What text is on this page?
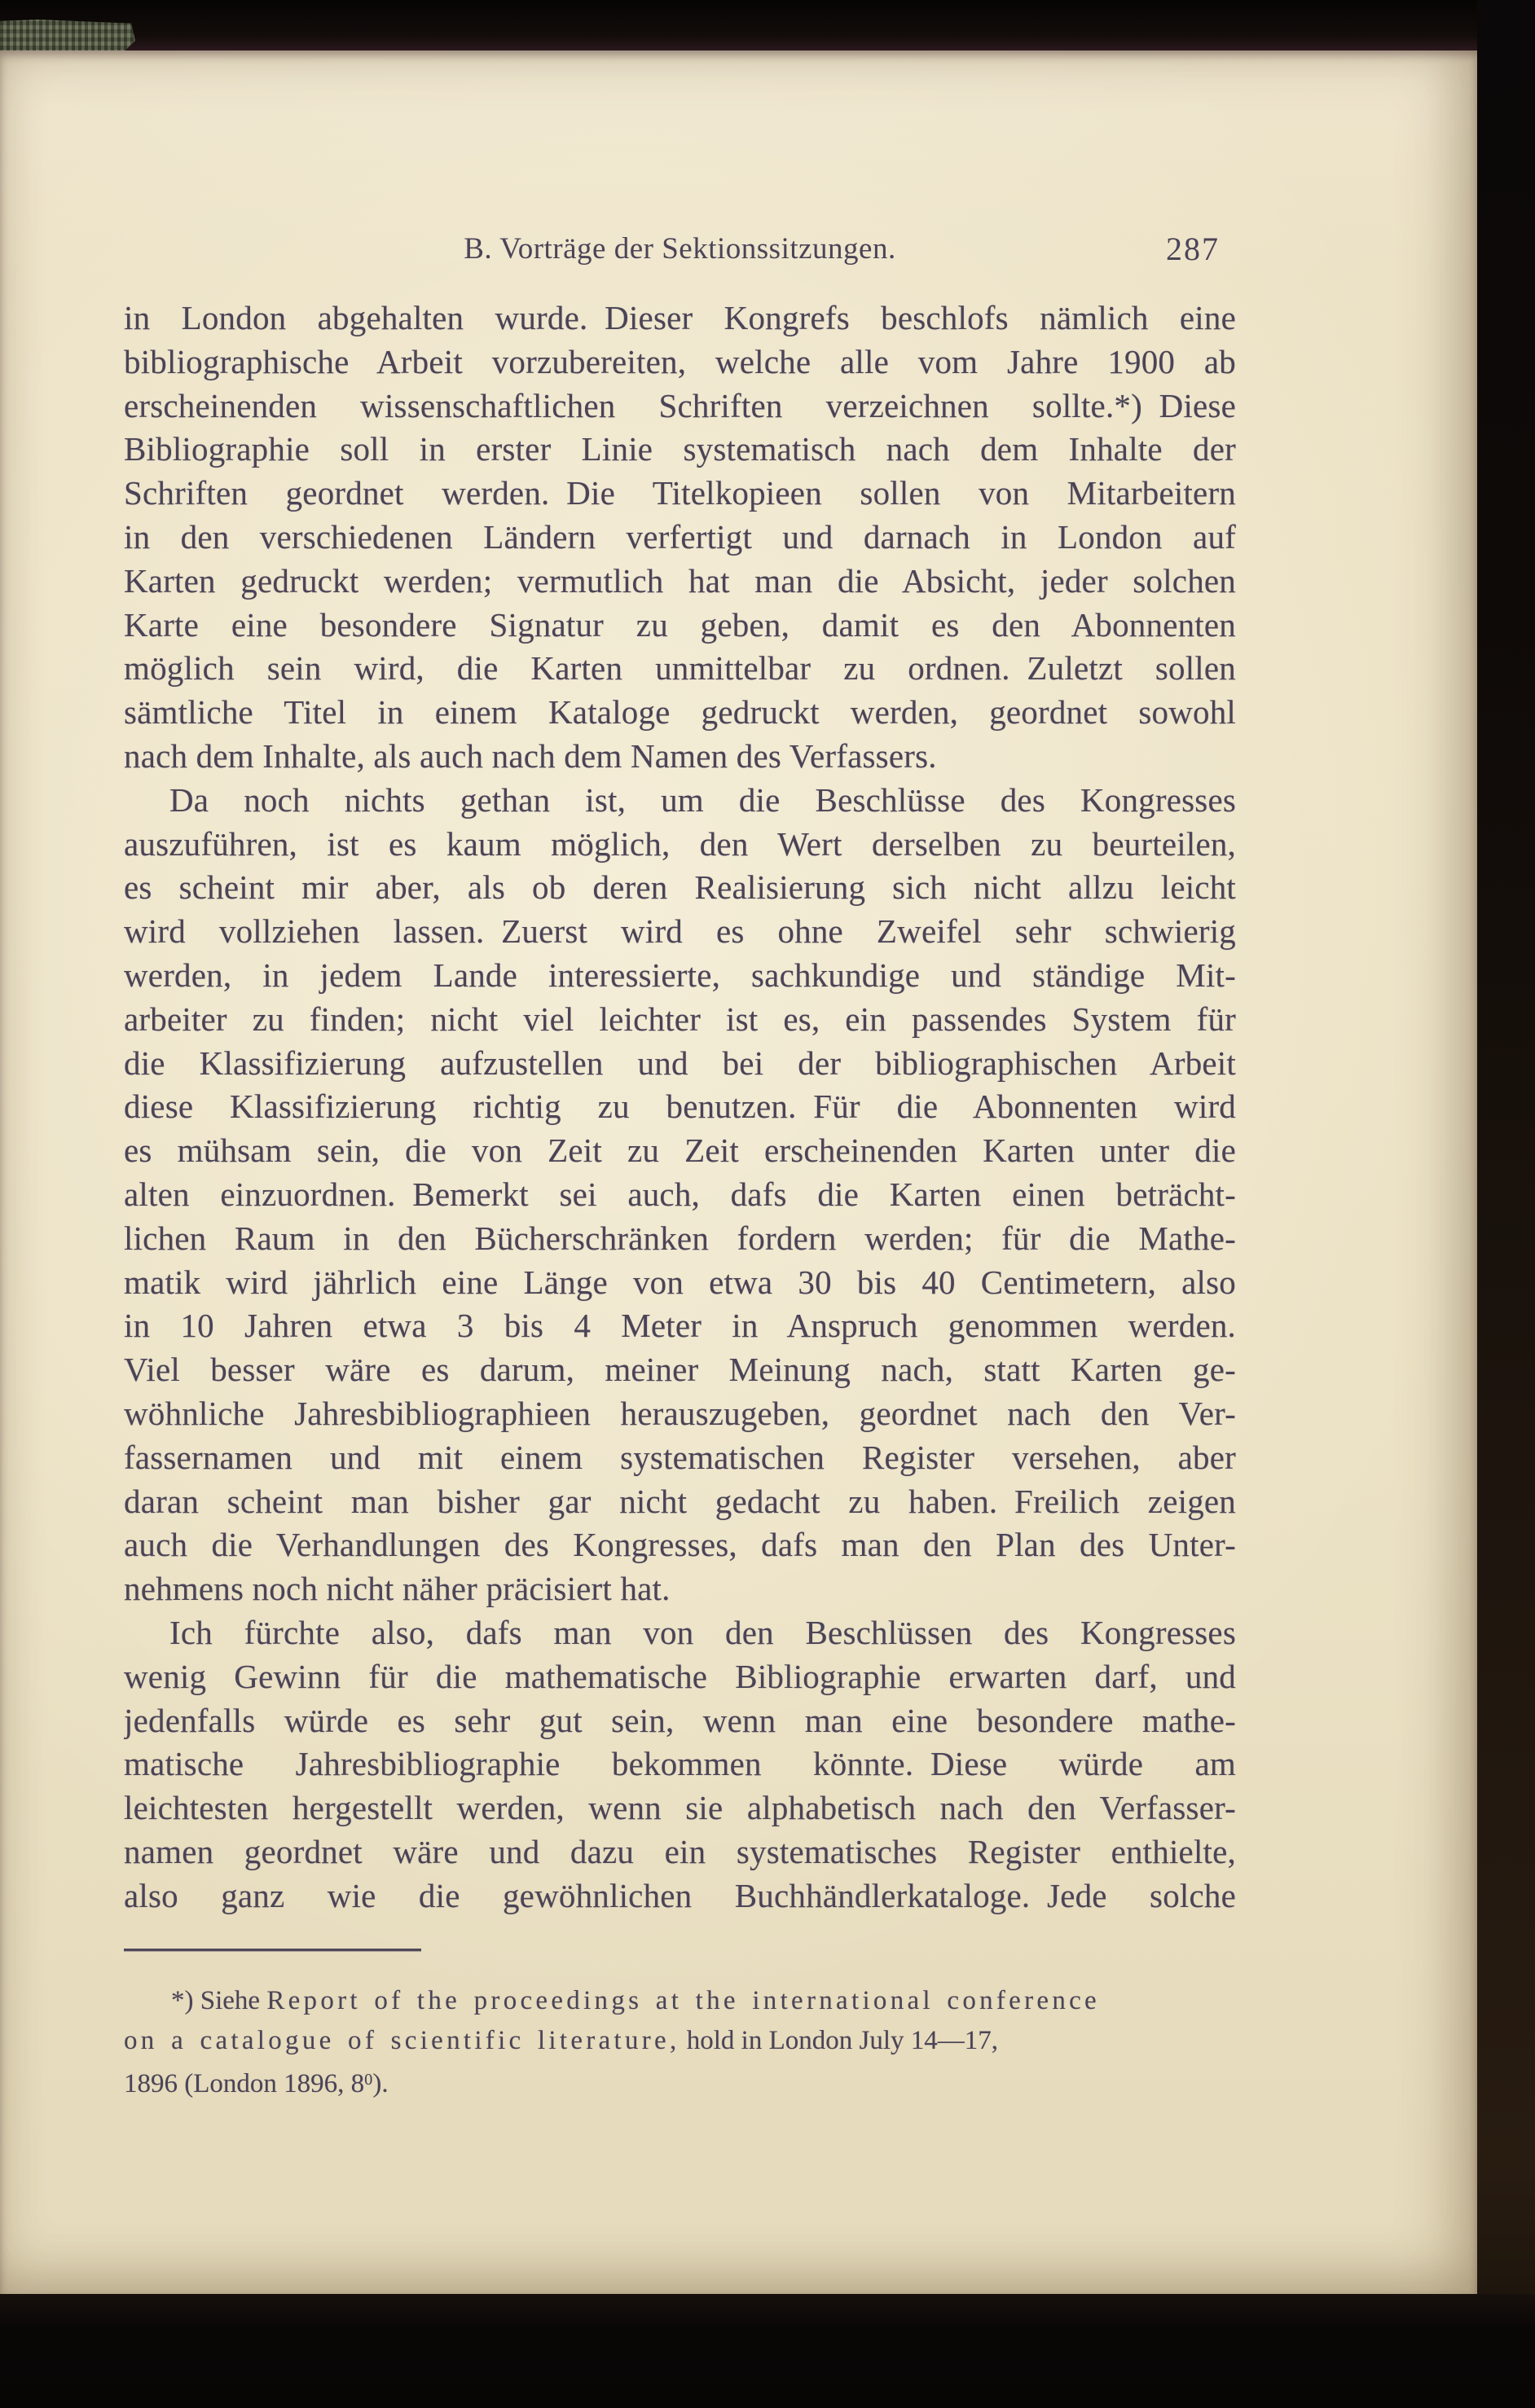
B. Vorträge der Sektionssitzungen.	287
in London abgehalten wurde. Dieser Kongrefs beschlofs nämlich eine
bibliographische Arbeit vorzubereiten, welche alle vom Jahre 1900 ab
erscheinenden wissenschaftlichen Schriften verzeichnen sollte.*) Diese
Bibliographie soll in erster Linie systematisch nach dem Inhalte der
Schriften geordnet werden. Die Titelkopieen sollen von Mitarbeitern
in den verschiedenen Ländern verfertigt und darnach in London auf
Karten gedruckt werden; vermutlich hat man die Absicht, jeder solchen
Karte eine besondere Signatur zu geben, damit es den Abonnenten
möglich sein wird, die Karten unmittelbar zu ordnen. Zuletzt sollen
sämtliche Titel in einem Kataloge gedruckt werden, geordnet sowohl
nach dem Inhalte, als auch nach dem Namen des Verfassers.
Da noch nichts gethan ist, um die Beschlüsse des Kongresses
auszuführen, ist es kaum möglich, den Wert derselben zu beurteilen,
es scheint mir aber, als ob deren Realisierung sich nicht allzu leicht
wird vollziehen lassen. Zuerst wird es ohne Zweifel sehr schwierig
werden, in jedem Lande interessierte, sachkundige und ständige Mit-
arbeiter zu finden; nicht viel leichter ist es, ein passendes System für
die Klassifizierung aufzustellen und bei der bibliographischen Arbeit
diese Klassifizierung richtig zu benutzen. Für die Abonnenten wird
es mühsam sein, die von Zeit zu Zeit erscheinenden Karten unter die
alten einzuordnen. Bemerkt sei auch, dafs die Karten einen beträcht-
lichen Raum in den Bücherschränken fordern werden; für die Mathe-
matik wird jährlich eine Länge von etwa 30 bis 40 Centimetern, also
in 10 Jahren etwa 3 bis 4 Meter in Anspruch genommen werden.
Viel besser wäre es darum, meiner Meinung nach, statt Karten ge-
wöhnliche Jahresbibliographieen herauszugeben, geordnet nach den Ver-
fassernamen und mit einem systematischen Register versehen, aber
daran scheint man bisher gar nicht gedacht zu haben. Freilich zeigen
auch die Verhandlungen des Kongresses, dafs man den Plan des Unter-
nehmens noch nicht näher präcisiert hat.
Ich fürchte also, dafs man von den Beschlüssen des Kongresses
wenig Gewinn für die mathematische Bibliographie erwarten darf, und
jedenfalls würde es sehr gut sein, wenn man eine besondere mathe-
matische Jahresbibliographie bekommen könnte. Diese würde am
leichtesten hergestellt werden, wenn sie alphabetisch nach den Verfasser-
namen geordnet wäre und dazu ein systematisches Register enthielte,
also ganz wie die gewöhnlichen Buchhändlerkataloge. Jede solche
*) Siehe Report of the proceedings at the international conference
on a catalogue of scientific literature, hold in London July 14—17,
1896 (London 1896, 8$^0$).
